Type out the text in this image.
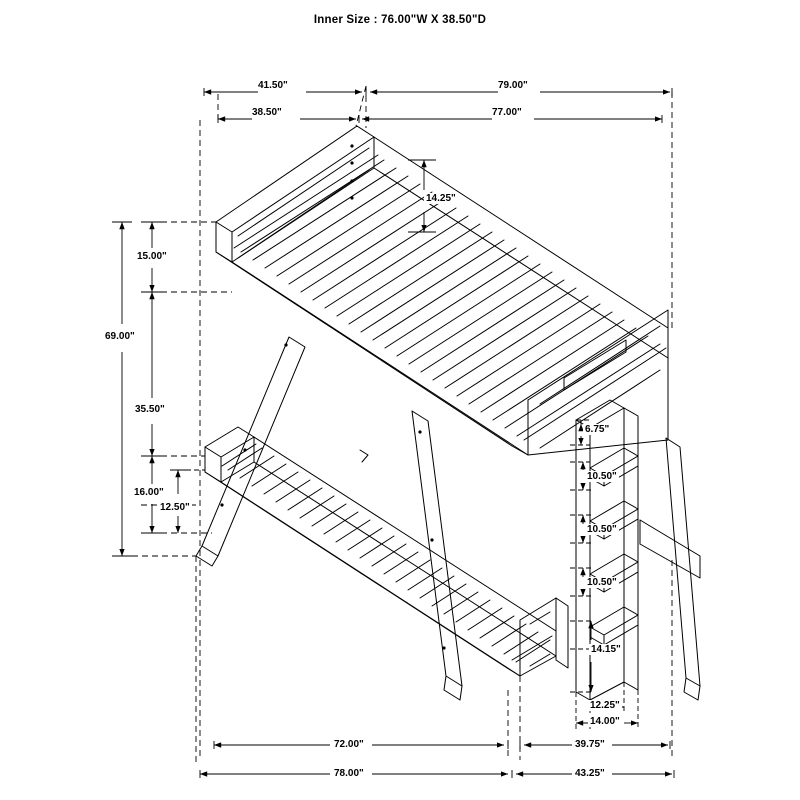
Inner Size : 76.00"W X 38.50"D
41.50"	79.00"
38.50"	77.00"
14.25"
15.00"
69.00"
35.50"
16.00"
12.50"
6.75"
10.50"
10.50"
10.50"
14.15"
12.25"
14.00"
72.00"	39.75"
78.00"	43.25"
